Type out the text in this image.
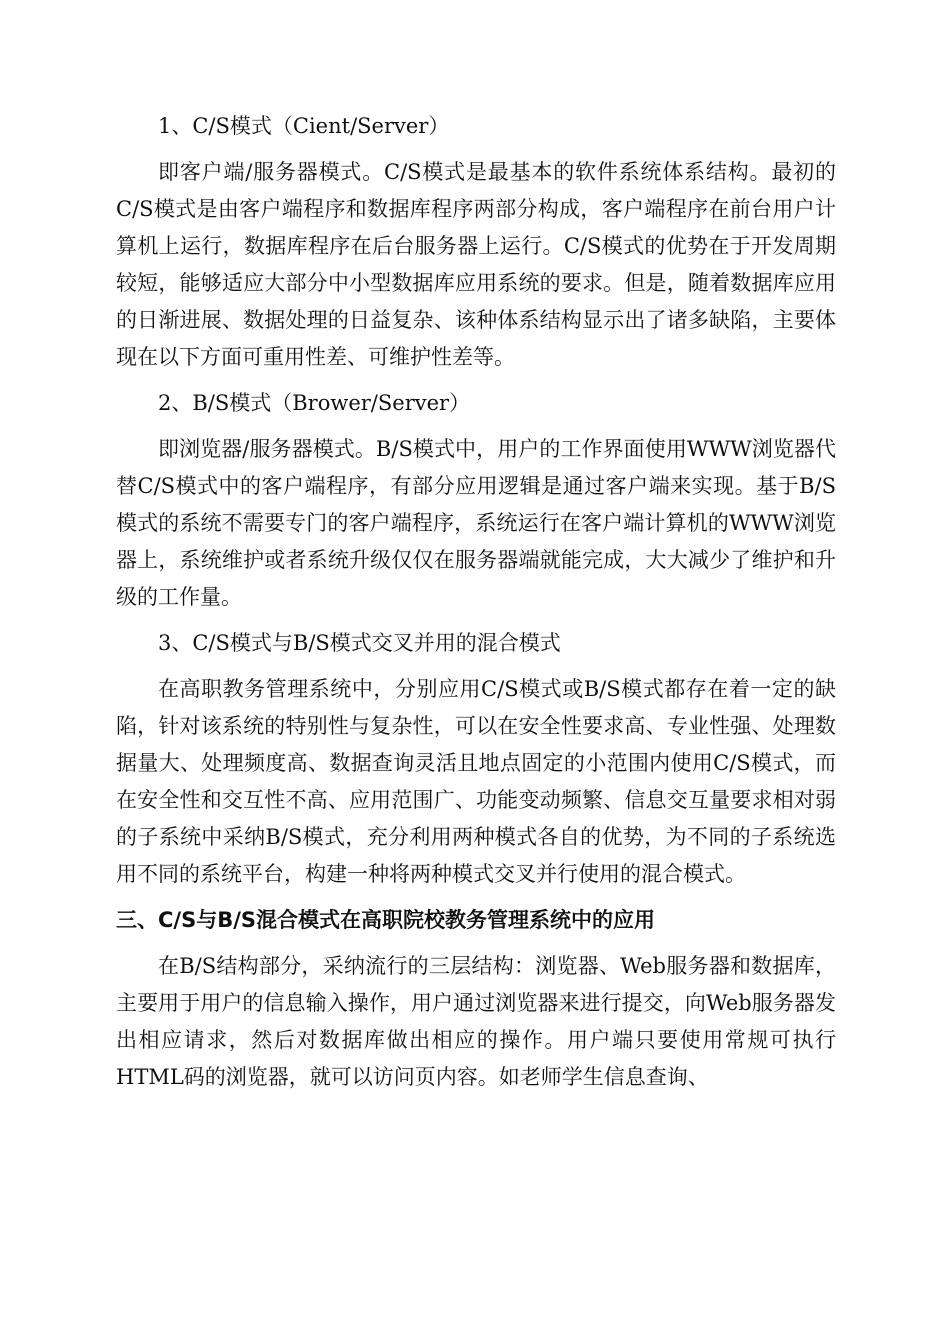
1、C/S模式（Cient/Server）

即客户端/服务器模式。C/S模式是最基本的软件系统体系结构。最初的C/S模式是由客户端程序和数据库程序两部分构成，客户端程序在前台用户计算机上运行，数据库程序在后台服务器上运行。C/S模式的优势在于开发周期较短，能够适应大部分中小型数据库应用系统的要求。但是，随着数据库应用的日渐进展、数据处理的日益复杂、该种体系结构显示出了诸多缺陷，主要体现在以下方面可重用性差、可维护性差等。

2、B/S模式（Brower/Server）

即浏览器/服务器模式。B/S模式中，用户的工作界面使用WWW浏览器代替C/S模式中的客户端程序，有部分应用逻辑是通过客户端来实现。基于B/S模式的系统不需要专门的客户端程序，系统运行在客户端计算机的WWW浏览器上，系统维护或者系统升级仅仅在服务器端就能完成，大大减少了维护和升级的工作量。

3、C/S模式与B/S模式交叉并用的混合模式

在高职教务管理系统中，分别应用C/S模式或B/S模式都存在着一定的缺陷，针对该系统的特别性与复杂性，可以在安全性要求高、专业性强、处理数据量大、处理频度高、数据查询灵活且地点固定的小范围内使用C/S模式，而在安全性和交互性不高、应用范围广、功能变动频繁、信息交互量要求相对弱的子系统中采纳B/S模式，充分利用两种模式各自的优势，为不同的子系统选用不同的系统平台，构建一种将两种模式交叉并行使用的混合模式。

三、C/S与B/S混合模式在高职院校教务管理系统中的应用

在B/S结构部分，采纳流行的三层结构：浏览器、Web服务器和数据库，主要用于用户的信息输入操作，用户通过浏览器来进行提交，向Web服务器发出相应请求，然后对数据库做出相应的操作。用户端只要使用常规可执行HTML码的浏览器，就可以访问页内容。如老师学生信息查询、
